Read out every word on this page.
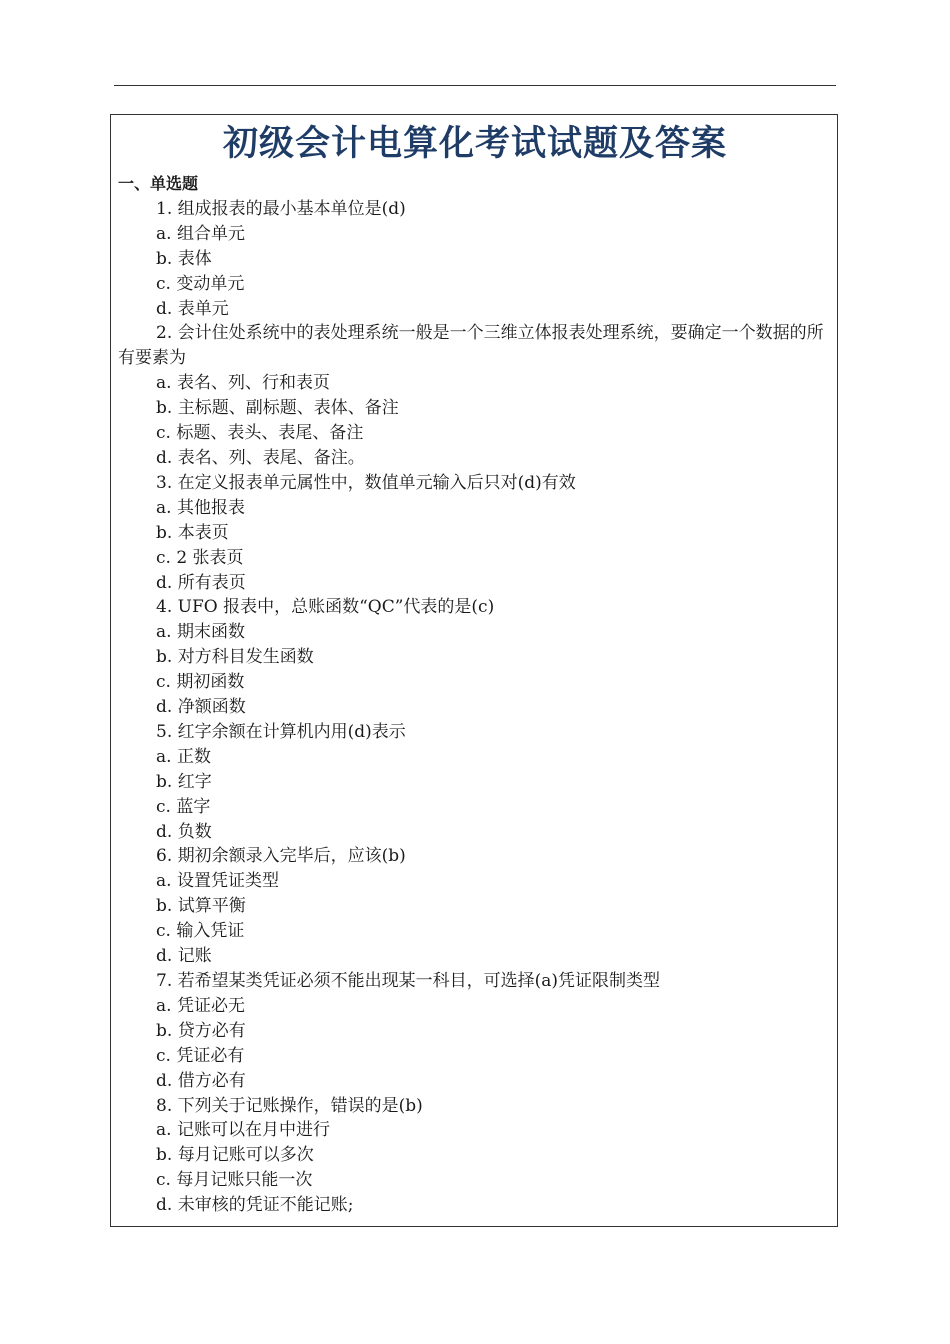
初级会计电算化考试试题及答案

一、单选题

1. 组成报表的最小基本单位是(d)

a. 组合单元

b. 表体

c. 变动单元

d. 表单元

2. 会计住处系统中的表处理系统一般是一个三维立体报表处理系统，要确定一个数据的所有要素为

a. 表名、列、行和表页

b. 主标题、副标题、表体、备注

c. 标题、表头、表尾、备注

d. 表名、列、表尾、备注。

3. 在定义报表单元属性中，数值单元输入后只对(d)有效

a. 其他报表

b. 本表页

c. 2 张表页

d. 所有表页

4. UFO 报表中，总账函数“QC”代表的是(c)

a. 期末函数

b. 对方科目发生函数

c. 期初函数

d. 净额函数

5. 红字余额在计算机内用(d)表示

a. 正数

b. 红字

c. 蓝字

d. 负数

6. 期初余额录入完毕后，应该(b)

a. 设置凭证类型

b. 试算平衡

c. 输入凭证

d. 记账

7. 若希望某类凭证必须不能出现某一科目，可选择(a)凭证限制类型

a. 凭证必无

b. 贷方必有

c. 凭证必有

d. 借方必有

8. 下列关于记账操作，错误的是(b)

a. 记账可以在月中进行

b. 每月记账可以多次

c. 每月记账只能一次

d. 未审核的凭证不能记账;
